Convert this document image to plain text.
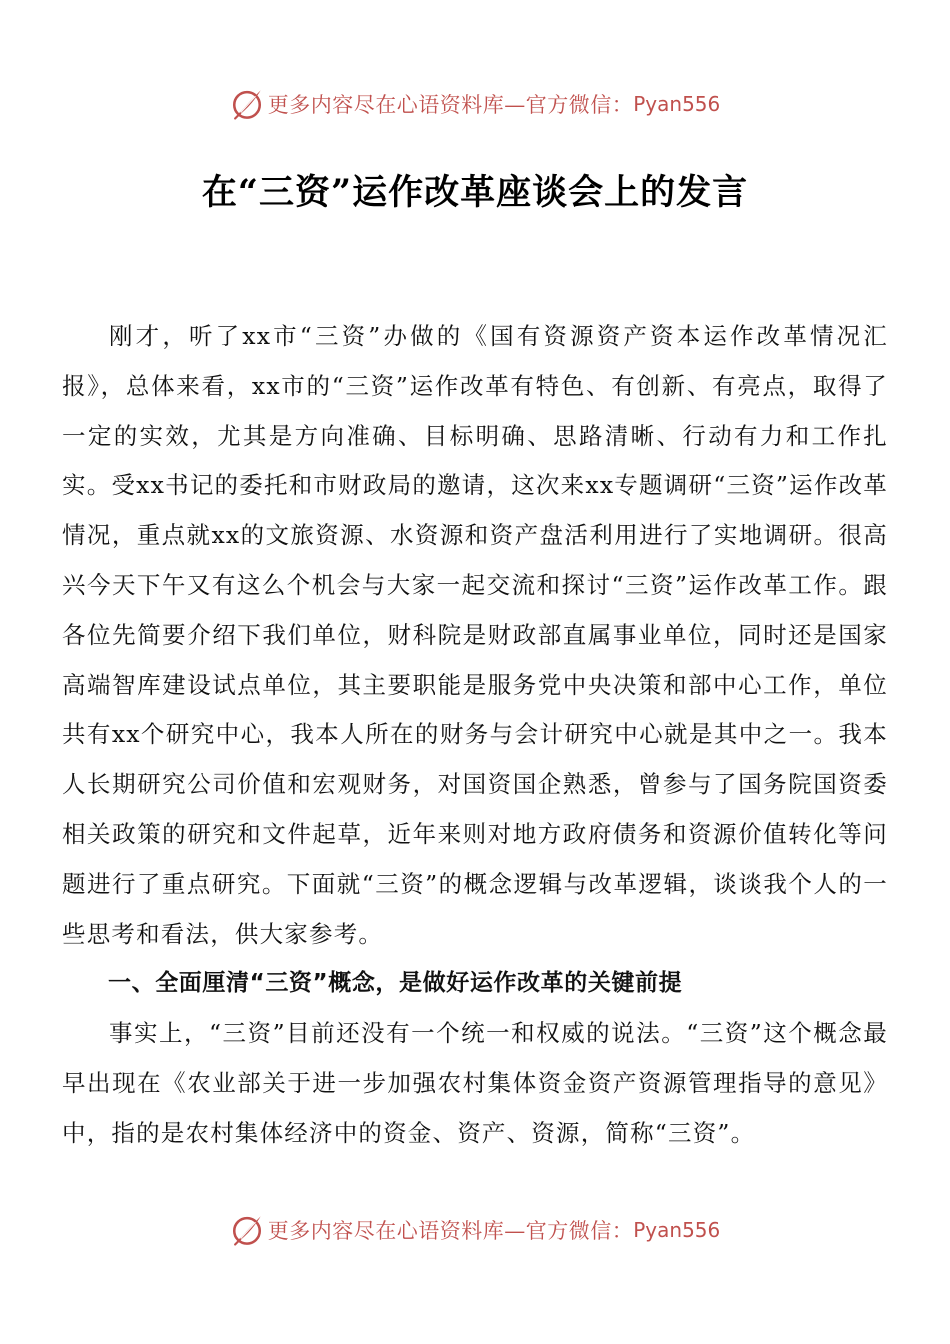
更多内容尽在心语资料库—官方微信： Pyan556
在“三资”运作改革座谈会上的发言

刚才，听了xx市“三资”办做的《国有资源资产资本运作改革情况汇报》，总体来看，xx市的“三资”运作改革有特色、有创新、有亮点，取得了一定的实效，尤其是方向准确、目标明确、思路清晰、行动有力和工作扎实。受xx书记的委托和市财政局的邀请，这次来xx专题调研“三资”运作改革情况，重点就xx的文旅资源、水资源和资产盘活利用进行了实地调研。很高兴今天下午又有这么个机会与大家一起交流和探讨“三资”运作改革工作。跟各位先简要介绍下我们单位，财科院是财政部直属事业单位，同时还是国家高端智库建设试点单位，其主要职能是服务党中央决策和部中心工作，单位共有xx个研究中心，我本人所在的财务与会计研究中心就是其中之一。我本人长期研究公司价值和宏观财务，对国资国企熟悉，曾参与了国务院国资委相关政策的研究和文件起草，近年来则对地方政府债务和资源价值转化等问题进行了重点研究。下面就“三资”的概念逻辑与改革逻辑，谈谈我个人的一些思考和看法，供大家参考。

一、全面厘清“三资”概念，是做好运作改革的关键前提

事实上，“三资”目前还没有一个统一和权威的说法。“三资”这个概念最早出现在《农业部关于进一步加强农村集体资金资产资源管理指导的意见》中，指的是农村集体经济中的资金、资产、资源，简称“三资”。

更多内容尽在心语资料库—官方微信： Pyan556
